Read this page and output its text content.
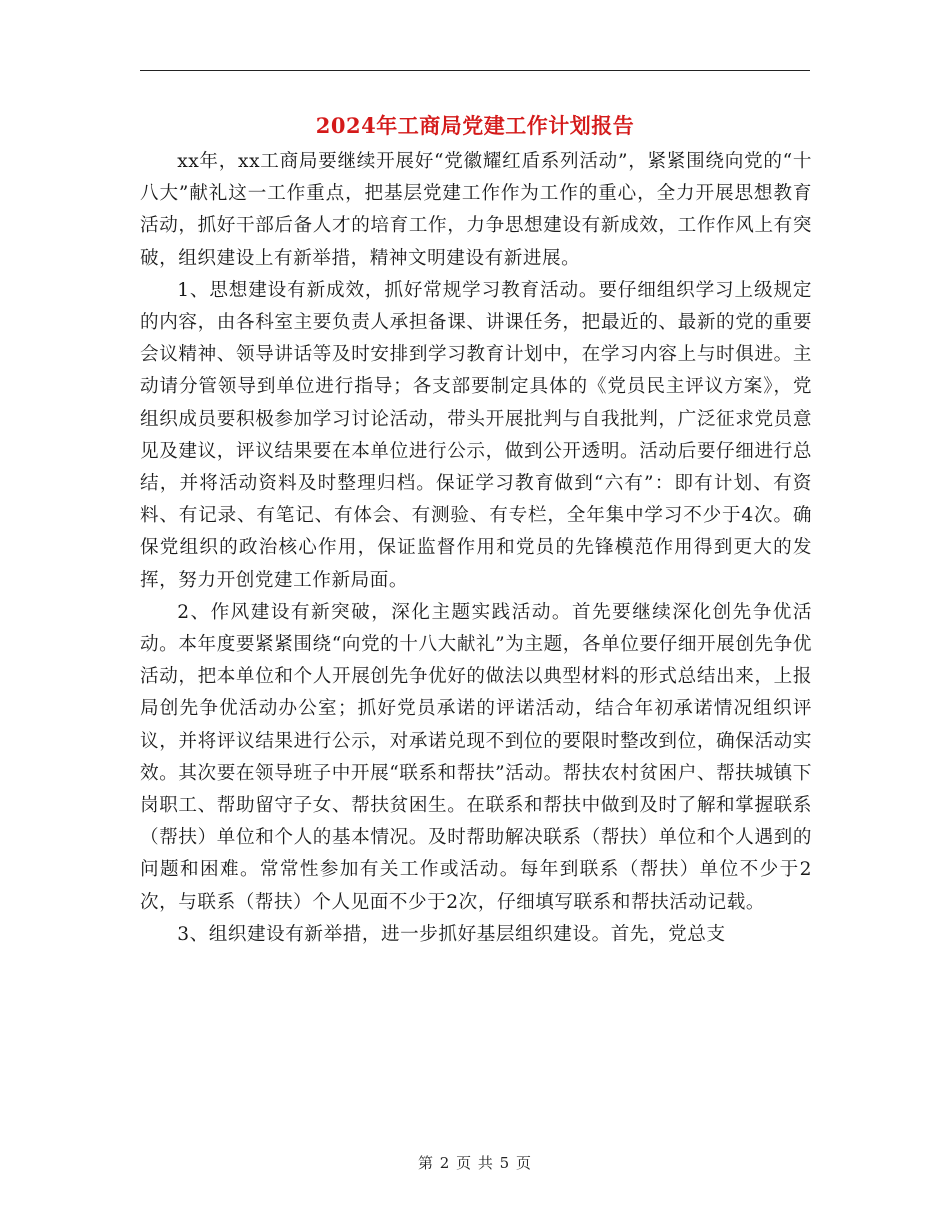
2024年工商局党建工作计划报告

xx年，xx工商局要继续开展好“党徽耀红盾系列活动”，紧紧围绕向党的“十八大”献礼这一工作重点，把基层党建工作作为工作的重心，全力开展思想教育活动，抓好干部后备人才的培育工作，力争思想建设有新成效，工作作风上有突破，组织建设上有新举措，精神文明建设有新进展。

1、思想建设有新成效，抓好常规学习教育活动。要仔细组织学习上级规定的内容，由各科室主要负责人承担备课、讲课任务，把最近的、最新的党的重要会议精神、领导讲话等及时安排到学习教育计划中，在学习内容上与时俱进。主动请分管领导到单位进行指导；各支部要制定具体的《党员民主评议方案》，党组织成员要积极参加学习讨论活动，带头开展批判与自我批判，广泛征求党员意见及建议，评议结果要在本单位进行公示，做到公开透明。活动后要仔细进行总结，并将活动资料及时整理归档。保证学习教育做到“六有”：即有计划、有资料、有记录、有笔记、有体会、有测验、有专栏，全年集中学习不少于4次。确保党组织的政治核心作用，保证监督作用和党员的先锋模范作用得到更大的发挥，努力开创党建工作新局面。

2、作风建设有新突破，深化主题实践活动。首先要继续深化创先争优活动。本年度要紧紧围绕“向党的十八大献礼”为主题，各单位要仔细开展创先争优活动，把本单位和个人开展创先争优好的做法以典型材料的形式总结出来，上报局创先争优活动办公室；抓好党员承诺的评诺活动，结合年初承诺情况组织评议，并将评议结果进行公示，对承诺兑现不到位的要限时整改到位，确保活动实效。其次要在领导班子中开展“联系和帮扶”活动。帮扶农村贫困户、帮扶城镇下岗职工、帮助留守子女、帮扶贫困生。在联系和帮扶中做到及时了解和掌握联系（帮扶）单位和个人的基本情况。及时帮助解决联系（帮扶）单位和个人遇到的问题和困难。常常性参加有关工作或活动。每年到联系（帮扶）单位不少于2次，与联系（帮扶）个人见面不少于2次，仔细填写联系和帮扶活动记载。

3、组织建设有新举措，进一步抓好基层组织建设。首先，党总支

第 2 页 共 5 页
